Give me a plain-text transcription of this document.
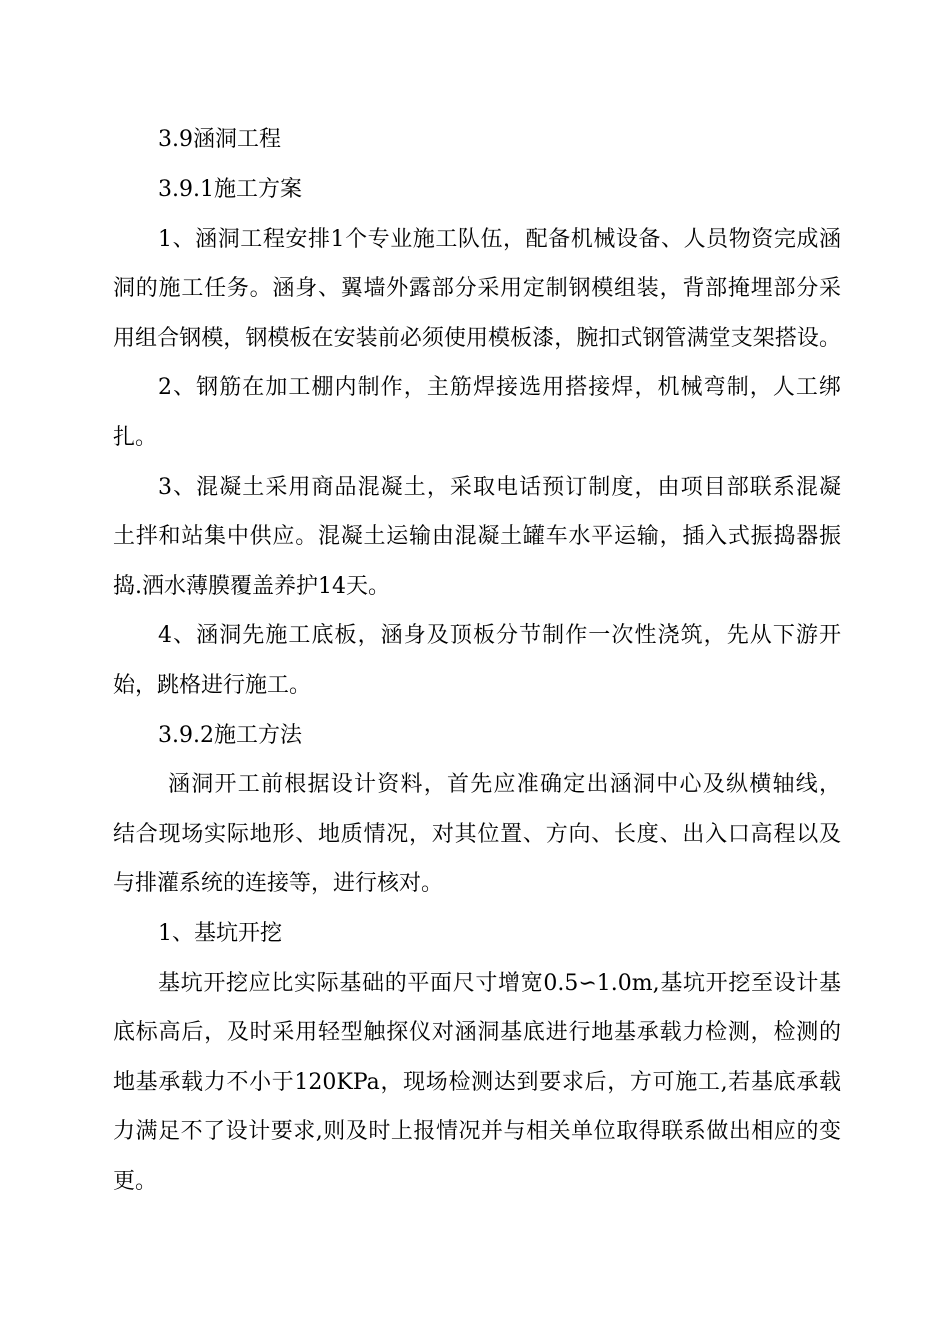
3.9涵洞工程
3.9.1施工方案
1、涵洞工程安排1个专业施工队伍，配备机械设备、人员物资完成涵
洞的施工任务。涵身、翼墙外露部分采用定制钢模组装，背部掩埋部分采
用组合钢模，钢模板在安装前必须使用模板漆，腕扣式钢管满堂支架搭设。
2、钢筋在加工棚内制作，主筋焊接选用搭接焊，机械弯制，人工绑
扎。
3、混凝土采用商品混凝土，采取电话预订制度，由项目部联系混凝
土拌和站集中供应。混凝土运输由混凝土罐车水平运输，插入式振捣器振
捣.洒水薄膜覆盖养护14天。
4、涵洞先施工底板，涵身及顶板分节制作一次性浇筑，先从下游开
始，跳格进行施工。
3.9.2施工方法
涵洞开工前根据设计资料，首先应准确定出涵洞中心及纵横轴线，
结合现场实际地形、地质情况，对其位置、方向、长度、出入口高程以及
与排灌系统的连接等，进行核对。
1、基坑开挖
基坑开挖应比实际基础的平面尺寸增宽0.5∽1.0m,基坑开挖至设计基
底标高后，及时采用轻型触探仪对涵洞基底进行地基承载力检测，检测的
地基承载力不小于120KPa，现场检测达到要求后，方可施工,若基底承载
力满足不了设计要求,则及时上报情况并与相关单位取得联系做出相应的变
更。
